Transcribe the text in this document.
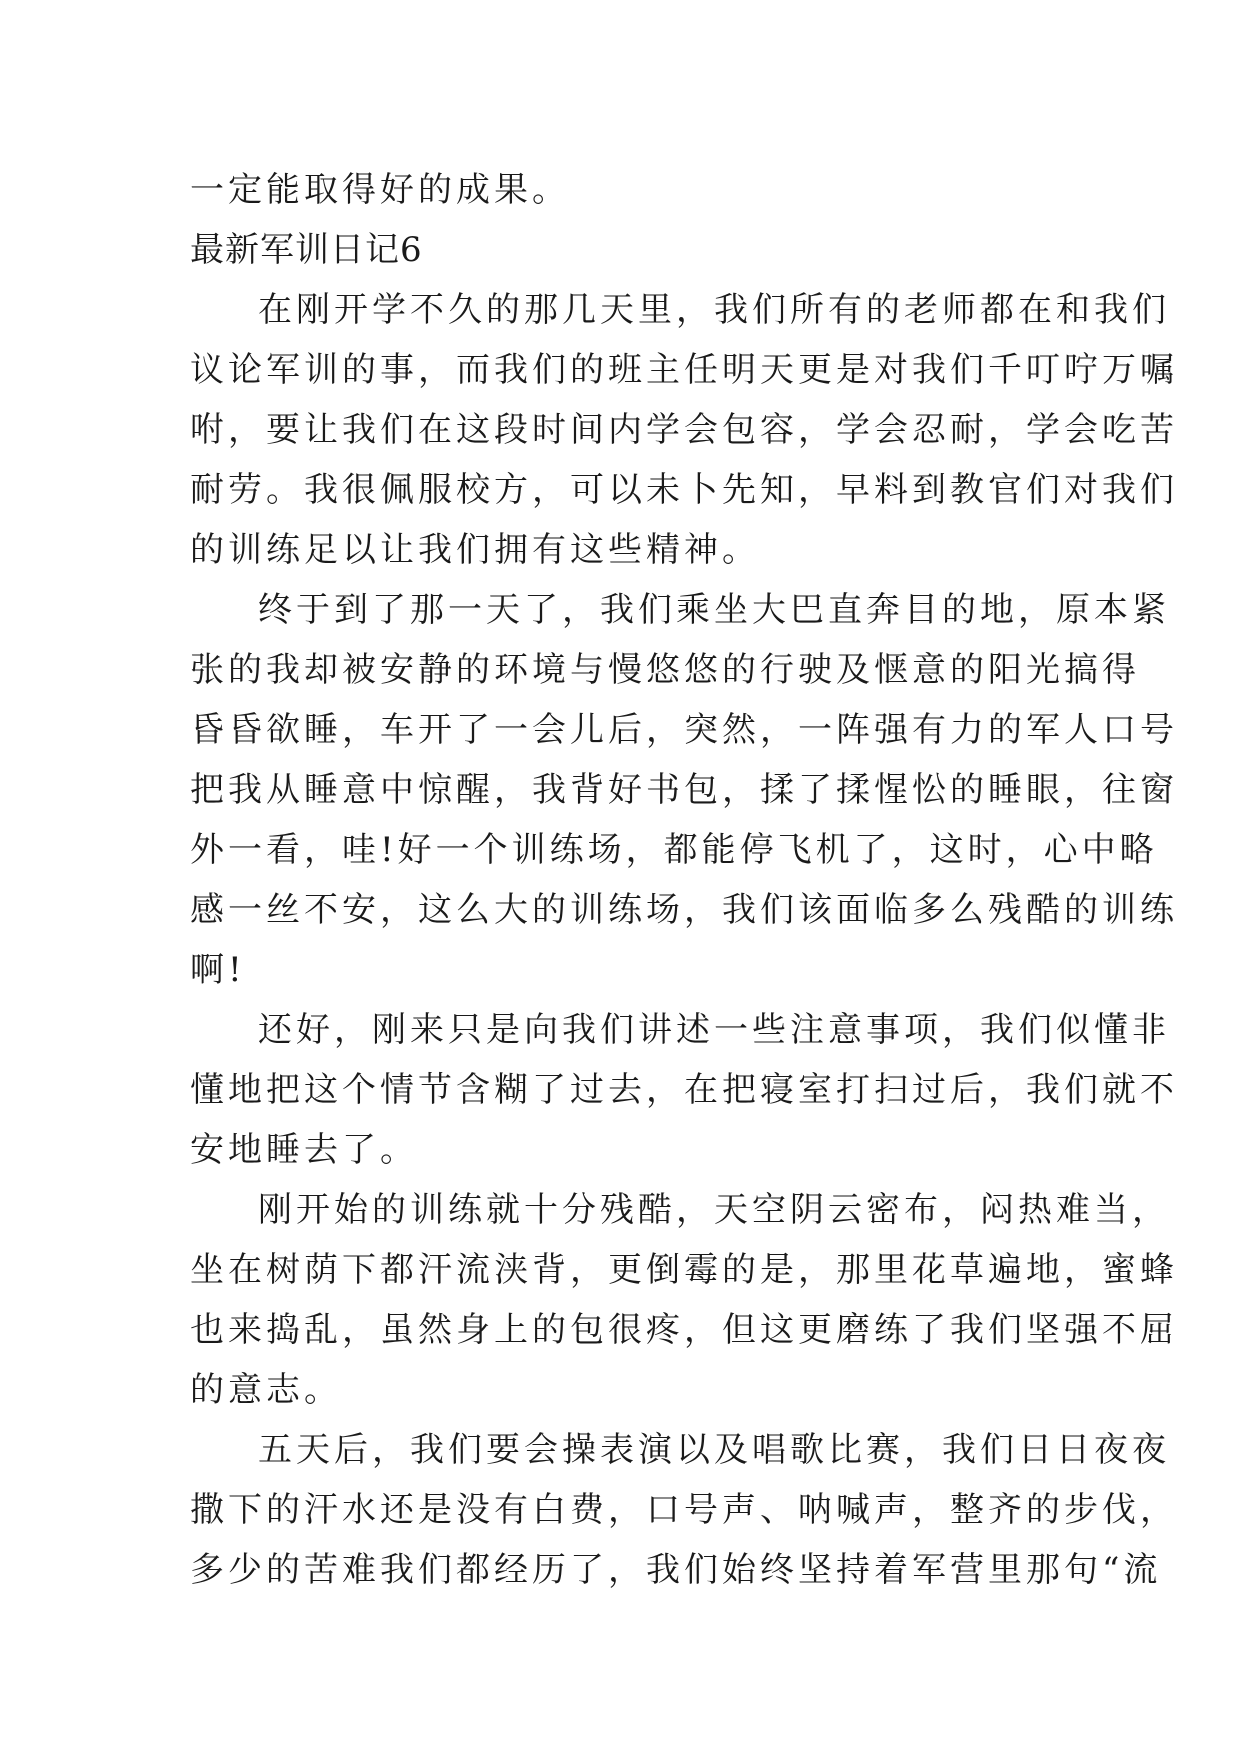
一定能取得好的成果。
最新军训日记6
在刚开学不久的那几天里，我们所有的老师都在和我们
议论军训的事，而我们的班主任明天更是对我们千叮咛万嘱
咐，要让我们在这段时间内学会包容，学会忍耐，学会吃苦
耐劳。我很佩服校方，可以未卜先知，早料到教官们对我们
的训练足以让我们拥有这些精神。
终于到了那一天了，我们乘坐大巴直奔目的地，原本紧
张的我却被安静的环境与慢悠悠的行驶及惬意的阳光搞得
昏昏欲睡，车开了一会儿后，突然，一阵强有力的军人口号
把我从睡意中惊醒，我背好书包，揉了揉惺忪的睡眼，往窗
外一看，哇!好一个训练场，都能停飞机了，这时，心中略
感一丝不安，这么大的训练场，我们该面临多么残酷的训练
啊!
还好，刚来只是向我们讲述一些注意事项，我们似懂非
懂地把这个情节含糊了过去，在把寝室打扫过后，我们就不
安地睡去了。
刚开始的训练就十分残酷，天空阴云密布，闷热难当，
坐在树荫下都汗流浃背，更倒霉的是，那里花草遍地，蜜蜂
也来捣乱，虽然身上的包很疼，但这更磨练了我们坚强不屈
的意志。
五天后，我们要会操表演以及唱歌比赛，我们日日夜夜
撒下的汗水还是没有白费，口号声、呐喊声，整齐的步伐，
多少的苦难我们都经历了，我们始终坚持着军营里那句“流
